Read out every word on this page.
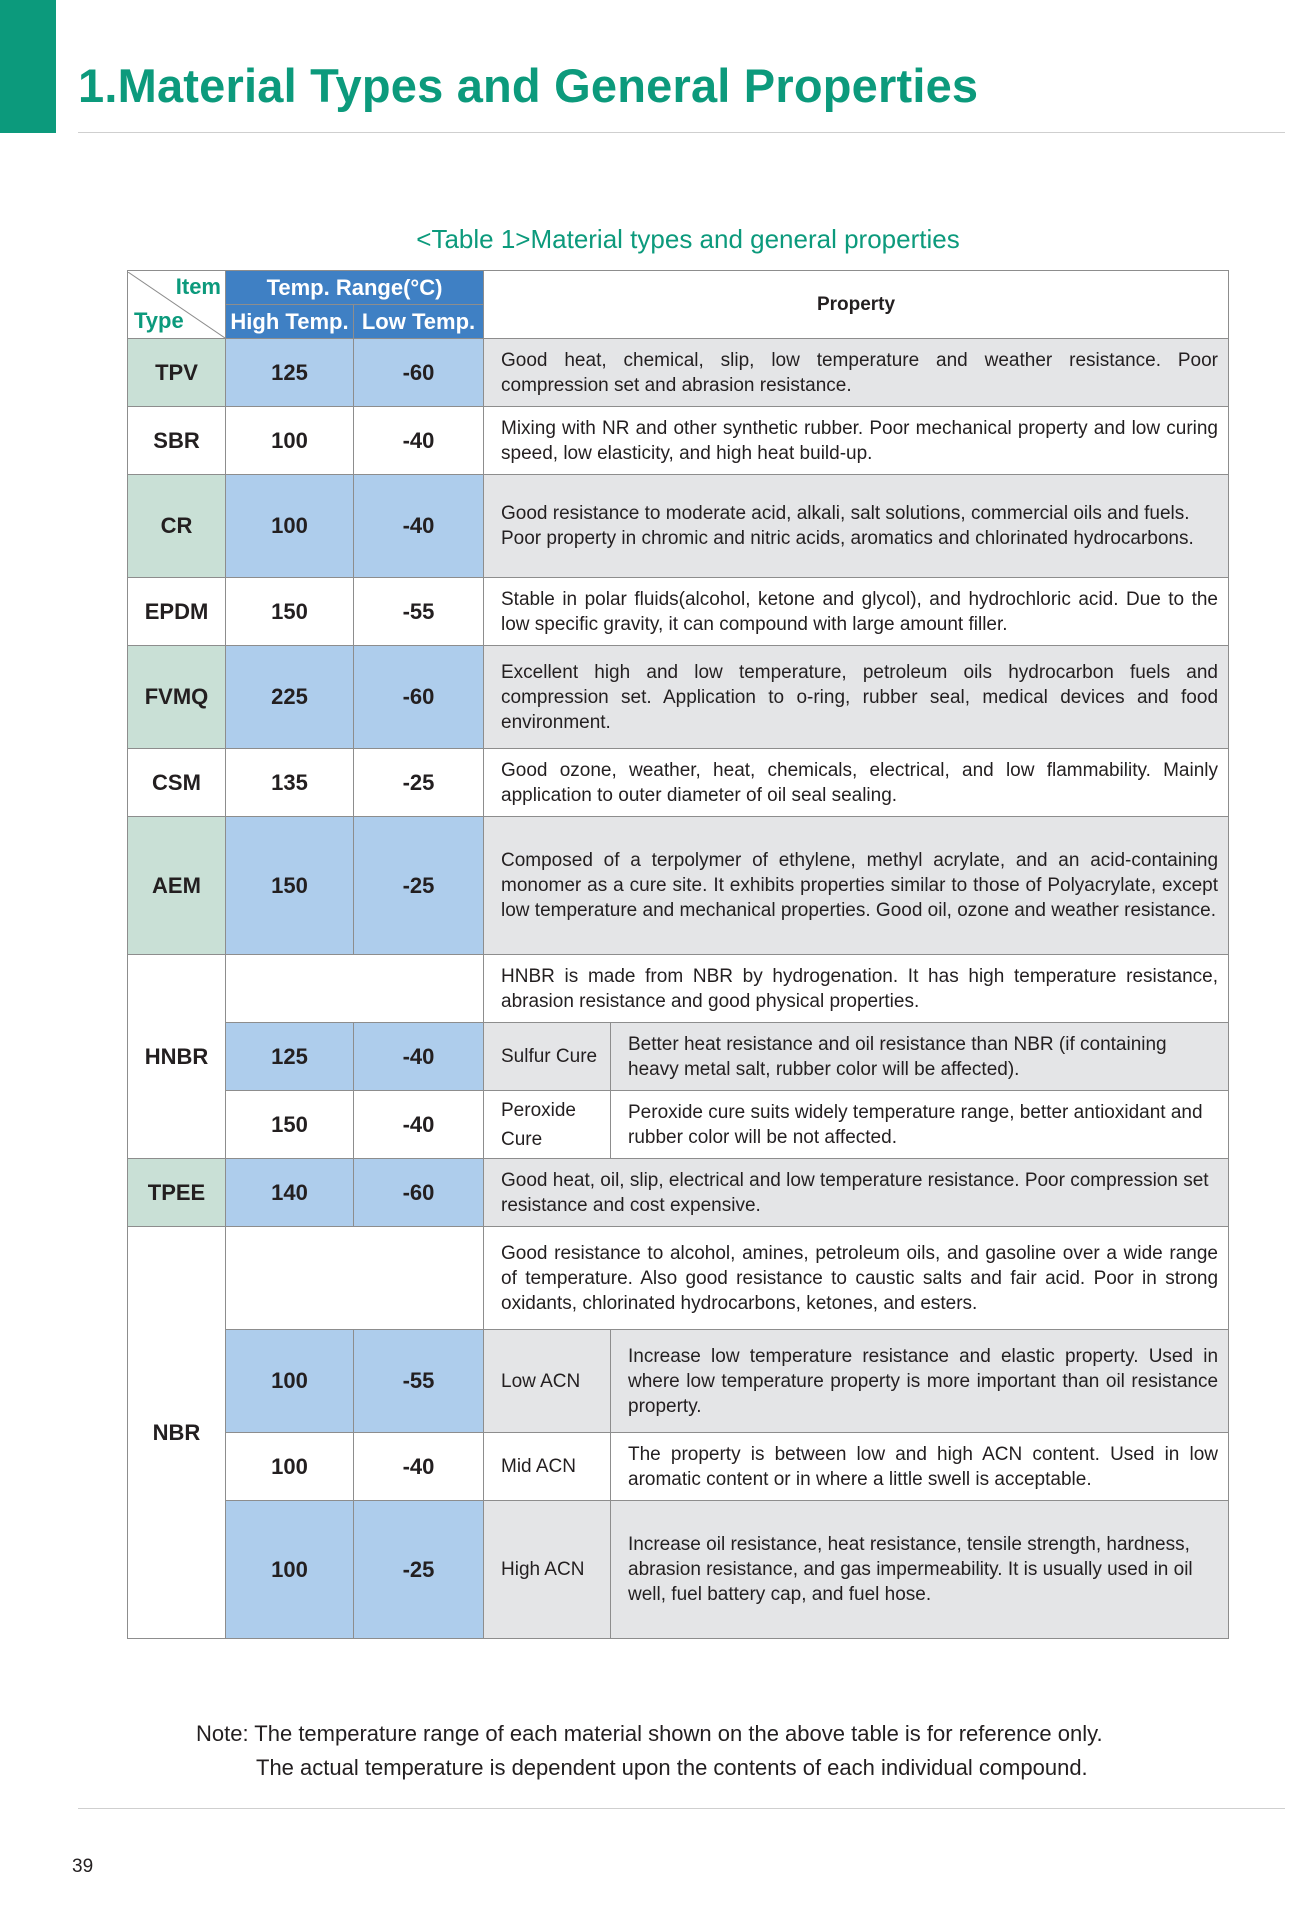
1.Material Types and General Properties
<Table 1>Material types and general properties
Item
Type	Temp. Range(°C)		Property	
	High Temp.	Low Temp.		
TPV	125	-60	Good heat, chemical, slip, low temperature and weather resistance. Poor compression set and abrasion resistance.	
SBR	100	-40	Mixing with NR and other synthetic rubber. Poor mechanical property and low curing speed, low elasticity, and high heat build-up.	
CR	100	-40	Good resistance to moderate acid, alkali, salt solutions, commercial oils and fuels. Poor property in chromic and nitric acids, aromatics and chlorinated hydrocarbons.	
EPDM	150	-55	Stable in polar fluids(alcohol, ketone and glycol), and hydrochloric acid. Due to the low specific gravity, it can compound with large amount filler.	
FVMQ	225	-60	Excellent high and low temperature, petroleum oils hydrocarbon fuels and compression set. Application to o-ring, rubber seal, medical devices and food environment.	
CSM	135	-25	Good ozone, weather, heat, chemicals, electrical, and low flammability. Mainly application to outer diameter of oil seal sealing.	
AEM	150	-25	Composed of a terpolymer of ethylene, methyl acrylate, and an acid-containing monomer as a cure site. It exhibits properties similar to those of Polyacrylate, except low temperature and mechanical properties. Good oil, ozone and weather resistance.	
HNBR			HNBR is made from NBR by hydrogenation. It has high temperature resistance, abrasion resistance and good physical properties.	
	125	-40	Sulfur Cure	Better heat resistance and oil resistance than NBR (if containing heavy metal salt, rubber color will be affected).
	150	-40	Peroxide Cure	Peroxide cure suits widely temperature range, better antioxidant and rubber color will be not affected.
TPEE	140	-60	Good heat, oil, slip, electrical and low temperature resistance. Poor compression set resistance and cost expensive.	
NBR			Good resistance to alcohol, amines, petroleum oils, and gasoline over a wide range of temperature. Also good resistance to caustic salts and fair acid. Poor in strong oxidants, chlorinated hydrocarbons, ketones, and esters.	
	100	-55	Low ACN	Increase low temperature resistance and elastic property. Used in where low temperature property is more important than oil resistance property.
	100	-40	Mid ACN	The property is between low and high ACN content. Used in low aromatic content or in where a little swell is acceptable.
	100	-25	High ACN	Increase oil resistance, heat resistance, tensile strength, hardness, abrasion resistance, and gas impermeability. It is usually used in oil well, fuel battery cap, and fuel hose.
Note: The temperature range of each material shown on the above table is for reference only.
The actual temperature is dependent upon the contents of each individual compound.
39
